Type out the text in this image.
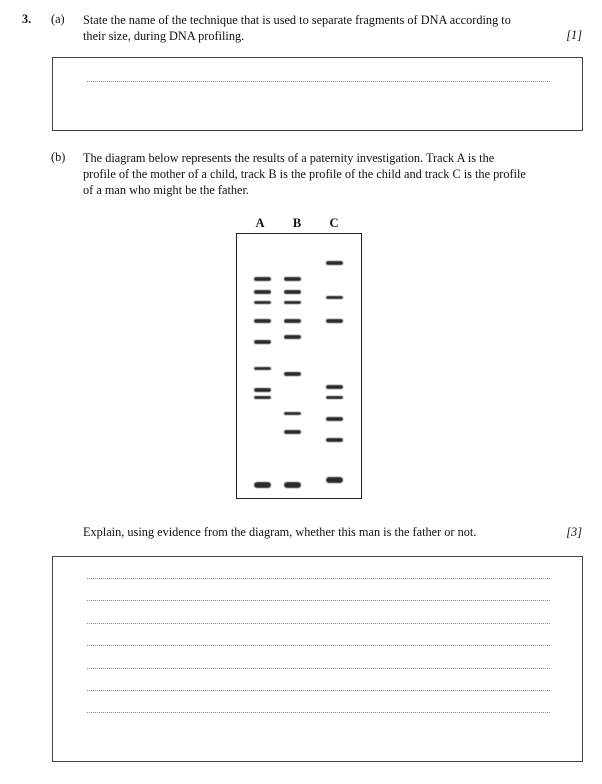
3. (a) State the name of the technique that is used to separate fragments of DNA according to
their size, during DNA profiling.	[1]
(b) The diagram below represents the results of a paternity investigation. Track A is the
profile of the mother of a child, track B is the profile of the child and track C is the profile
of a man who might be the father.
A	B	C
Explain, using evidence from the diagram, whether this man is the father or not.	[3]
